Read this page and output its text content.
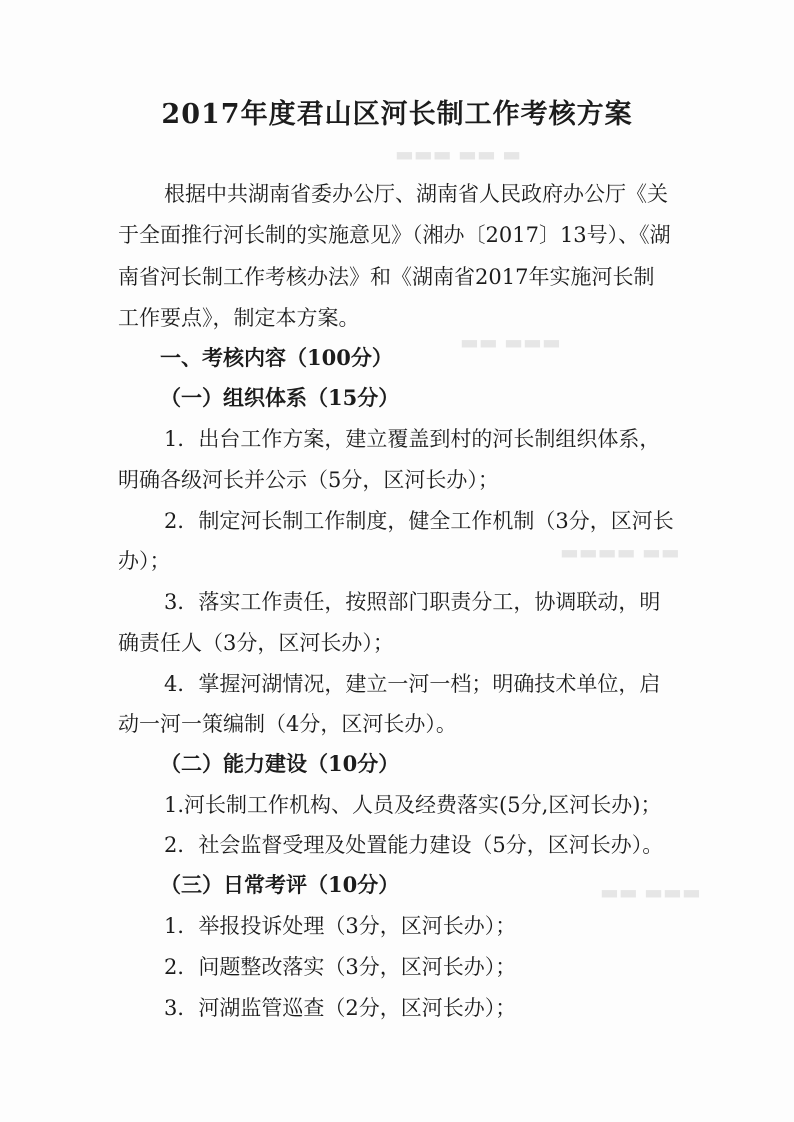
▬▬▬ ▬▬ ▬
▬▬ ▬▬▬
▬▬▬▬ ▬▬
▬▬ ▬▬▬
2017年度君山区河长制工作考核方案
根据中共湖南省委办公厅、湖南省人民政府办公厅《关
于全面推行河长制的实施意见》（湘办〔2017〕13号）、《湖
南省河长制工作考核办法》和《湖南省2017年实施河长制
工作要点》，制定本方案。
一、考核内容（100分）
（一）组织体系（15分）
1．出台工作方案，建立覆盖到村的河长制组织体系，
明确各级河长并公示（5分，区河长办）；
2．制定河长制工作制度，健全工作机制（3分，区河长
办）；
3．落实工作责任，按照部门职责分工，协调联动，明
确责任人（3分，区河长办）；
4．掌握河湖情况，建立一河一档；明确技术单位，启
动一河一策编制（4分，区河长办）。
（二）能力建设（10分）
1.河长制工作机构、人员及经费落实(5分,区河长办)；
2．社会监督受理及处置能力建设（5分，区河长办）。
（三）日常考评（10分）
1．举报投诉处理（3分，区河长办）；
2．问题整改落实（3分，区河长办）；
3．河湖监管巡查（2分，区河长办）；
